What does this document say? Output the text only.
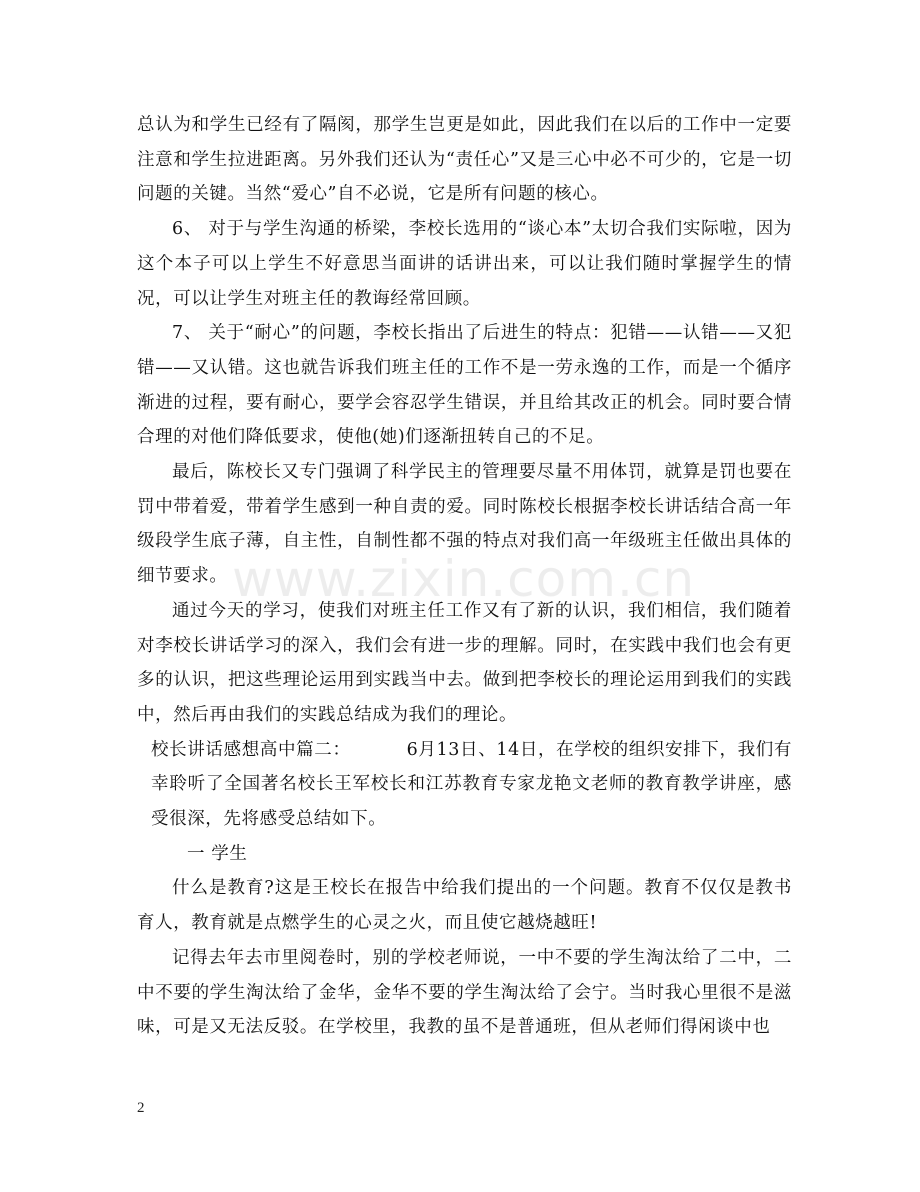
总认为和学生已经有了隔阂，那学生岂更是如此，因此我们在以后的工作中一定要注意和学生拉进距离。另外我们还认为“责任心”又是三心中必不可少的，它是一切问题的关键。当然“爱心”自不必说，它是所有问题的核心。

6、 对于与学生沟通的桥梁，李校长选用的“谈心本”太切合我们实际啦，因为这个本子可以上学生不好意思当面讲的话讲出来，可以让我们随时掌握学生的情况，可以让学生对班主任的教诲经常回顾。

7、 关于“耐心”的问题，李校长指出了后进生的特点：犯错——认错——又犯错——又认错。这也就告诉我们班主任的工作不是一劳永逸的工作，而是一个循序渐进的过程，要有耐心，要学会容忍学生错误，并且给其改正的机会。同时要合情合理的对他们降低要求，使他(她)们逐渐扭转自己的不足。

最后，陈校长又专门强调了科学民主的管理要尽量不用体罚，就算是罚也要在罚中带着爱，带着学生感到一种自责的爱。同时陈校长根据李校长讲话结合高一年级段学生底子薄，自主性，自制性都不强的特点对我们高一年级班主任做出具体的细节要求。

通过今天的学习，使我们对班主任工作又有了新的认识，我们相信，我们随着对李校长讲话学习的深入，我们会有进一步的理解。同时，在实践中我们也会有更多的认识，把这些理论运用到实践当中去。做到把李校长的理论运用到我们的实践中，然后再由我们的实践总结成为我们的理论。

校长讲话感想高中篇二：	6月13日、14日，在学校的组织安排下，我们有幸聆听了全国著名校长王军校长和江苏教育专家龙艳文老师的教育教学讲座，感受很深，先将感受总结如下。

一 学生

什么是教育?这是王校长在报告中给我们提出的一个问题。教育不仅仅是教书育人，教育就是点燃学生的心灵之火，而且使它越烧越旺!

记得去年去市里阅卷时，别的学校老师说，一中不要的学生淘汰给了二中，二中不要的学生淘汰给了金华，金华不要的学生淘汰给了会宁。当时我心里很不是滋味，可是又无法反驳。在学校里，我教的虽不是普通班，但从老师们得闲谈中也

www.zixin.com.cn
2
